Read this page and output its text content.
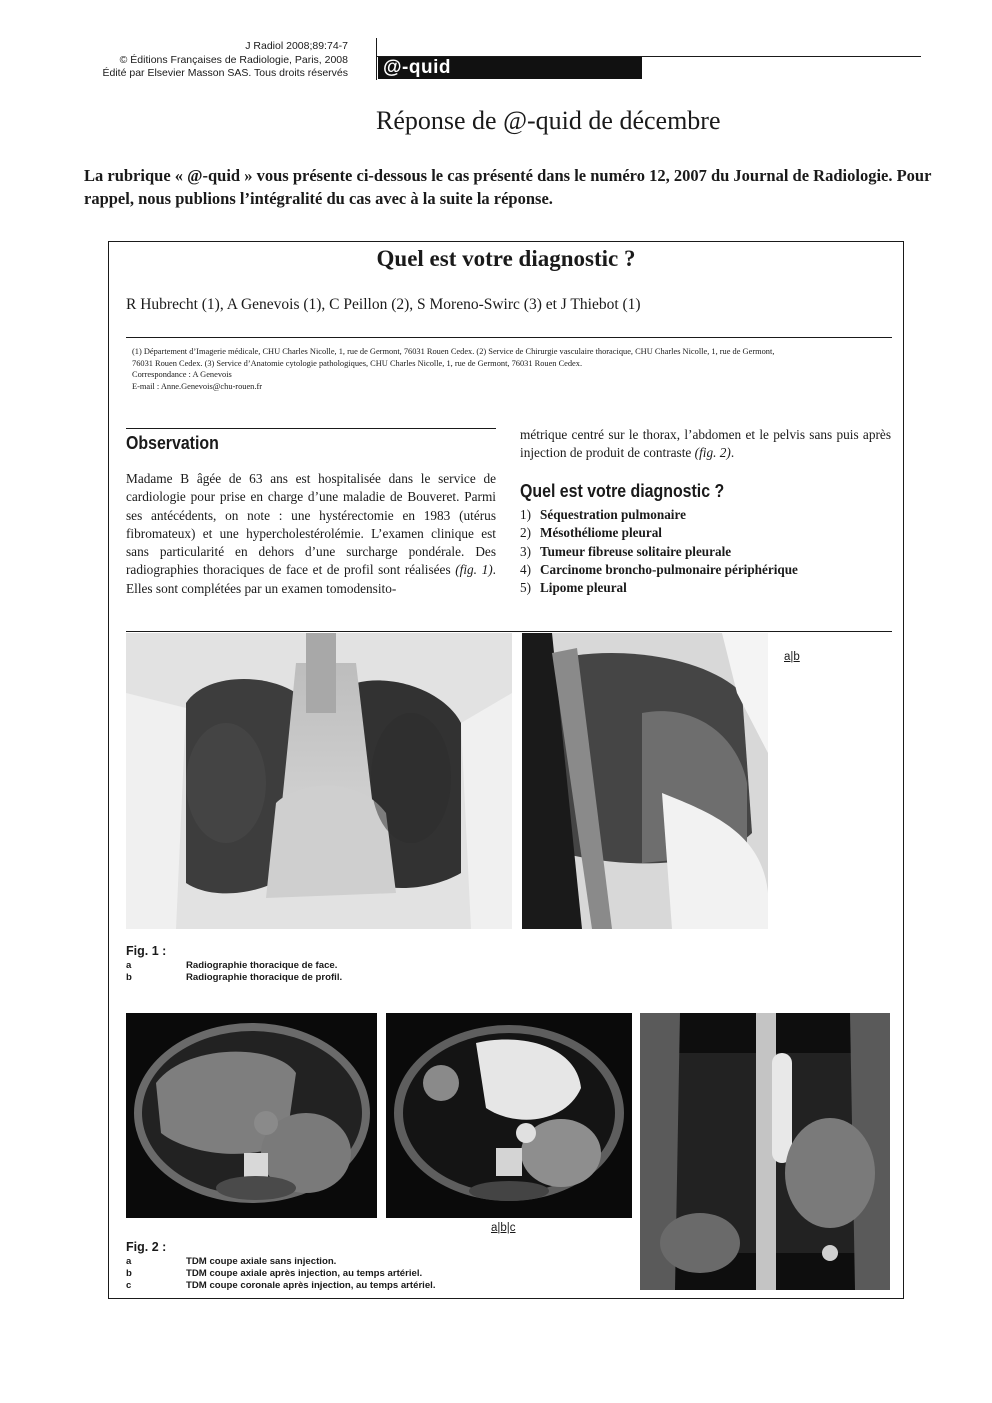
J Radiol 2008;89:74-7
© Éditions Françaises de Radiologie, Paris, 2008
Édité par Elsevier Masson SAS. Tous droits réservés @-quid
Réponse de @-quid de décembre

La rubrique « @-quid » vous présente ci-dessous le cas présenté dans le numéro 12, 2007 du Journal de Radiologie. Pour rappel, nous publions l’intégralité du cas avec à la suite la réponse.

Quel est votre diagnostic ?

R Hubrecht (1), A Genevois (1), C Peillon (2), S Moreno-Swirc (3) et J Thiebot (1)

(1) Département d’Imagerie médicale, CHU Charles Nicolle, 1, rue de Germont, 76031 Rouen Cedex. (2) Service de Chirurgie vasculaire thoracique, CHU Charles Nicolle, 1, rue de Germont,
76031 Rouen Cedex. (3) Service d’Anatomie cytologie pathologiques, CHU Charles Nicolle, 1, rue de Germont, 76031 Rouen Cedex.
Correspondance : A Genevois
E-mail : Anne.Genevois@chu-rouen.fr

Observation

Madame B âgée de 63 ans est hospitalisée dans le service de cardiologie pour prise en charge d’une maladie de Bouveret. Parmi ses antécédents, on note : une hystérectomie en 1983 (utérus fibromateux) et une hypercholestérolémie. L’examen clinique est sans particularité en dehors d’une surcharge pondérale. Des radiographies thoraciques de face et de profil sont réalisées (fig. 1). Elles sont complétées par un examen tomodensito-

métrique centré sur le thorax, l’abdomen et le pelvis sans puis après injection de produit de contraste (fig. 2).

Quel est votre diagnostic ?
1) Séquestration pulmonaire
2) Mésothéliome pleural
3) Tumeur fibreuse solitaire pleurale
4) Carcinome broncho-pulmonaire périphérique
5) Lipome pleural
a|b
Fig. 1 :
a	Radiographie thoracique de face.
b	Radiographie thoracique de profil.
a|b|c
Fig. 2 :
a	TDM coupe axiale sans injection.
b	TDM coupe axiale après injection, au temps artériel.
c	TDM coupe coronale après injection, au temps artériel.
